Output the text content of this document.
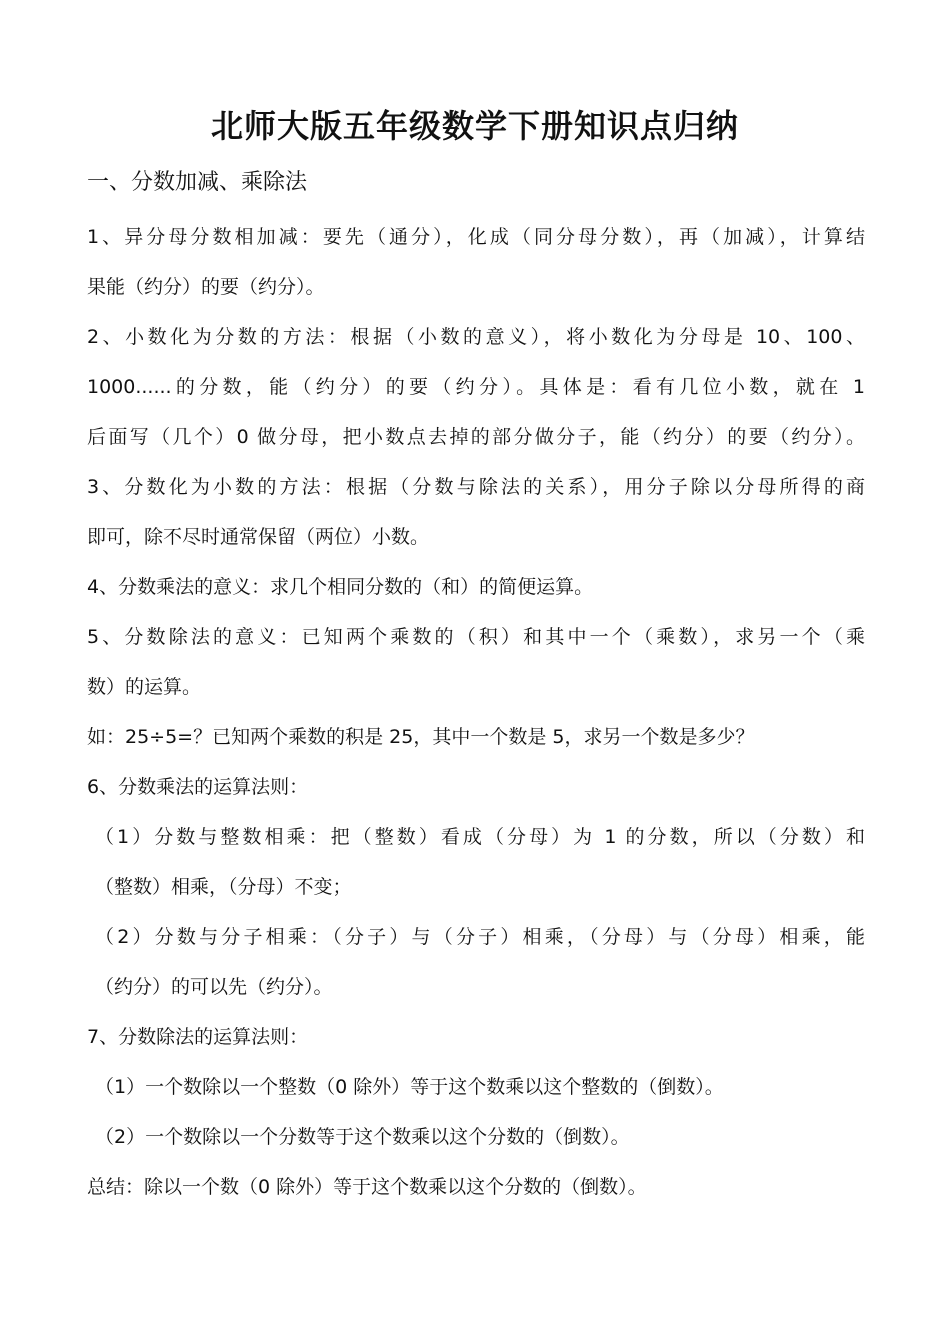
北师大版五年级数学下册知识点归纳
一、分数加减、乘除法
1、异分母分数相加减：要先（通分），化成（同分母分数），再（加减），计算结
果能（约分）的要（约分）。
2、小数化为分数的方法：根据（小数的意义），将小数化为分母是 10、100、
1000......的分数，能（约分）的要（约分）。具体是：看有几位小数，就在 1
后面写（几个）0 做分母，把小数点去掉的部分做分子，能（约分）的要（约分）。
3、分数化为小数的方法：根据（分数与除法的关系），用分子除以分母所得的商
即可，除不尽时通常保留（两位）小数。
4、分数乘法的意义：求几个相同分数的（和）的简便运算。
5、分数除法的意义：已知两个乘数的（积）和其中一个（乘数），求另一个（乘
数）的运算。
如：25÷5=？已知两个乘数的积是 25，其中一个数是 5，求另一个数是多少？
6、分数乘法的运算法则：
（1）分数与整数相乘：把（整数）看成（分母）为 1 的分数，所以（分数）和
（整数）相乘，（分母）不变；
（2）分数与分子相乘：（分子）与（分子）相乘，（分母）与（分母）相乘，能
（约分）的可以先（约分）。
7、分数除法的运算法则：
（1）一个数除以一个整数（0 除外）等于这个数乘以这个整数的（倒数）。
（2）一个数除以一个分数等于这个数乘以这个分数的（倒数）。
总结：除以一个数（0 除外）等于这个数乘以这个分数的（倒数）。
